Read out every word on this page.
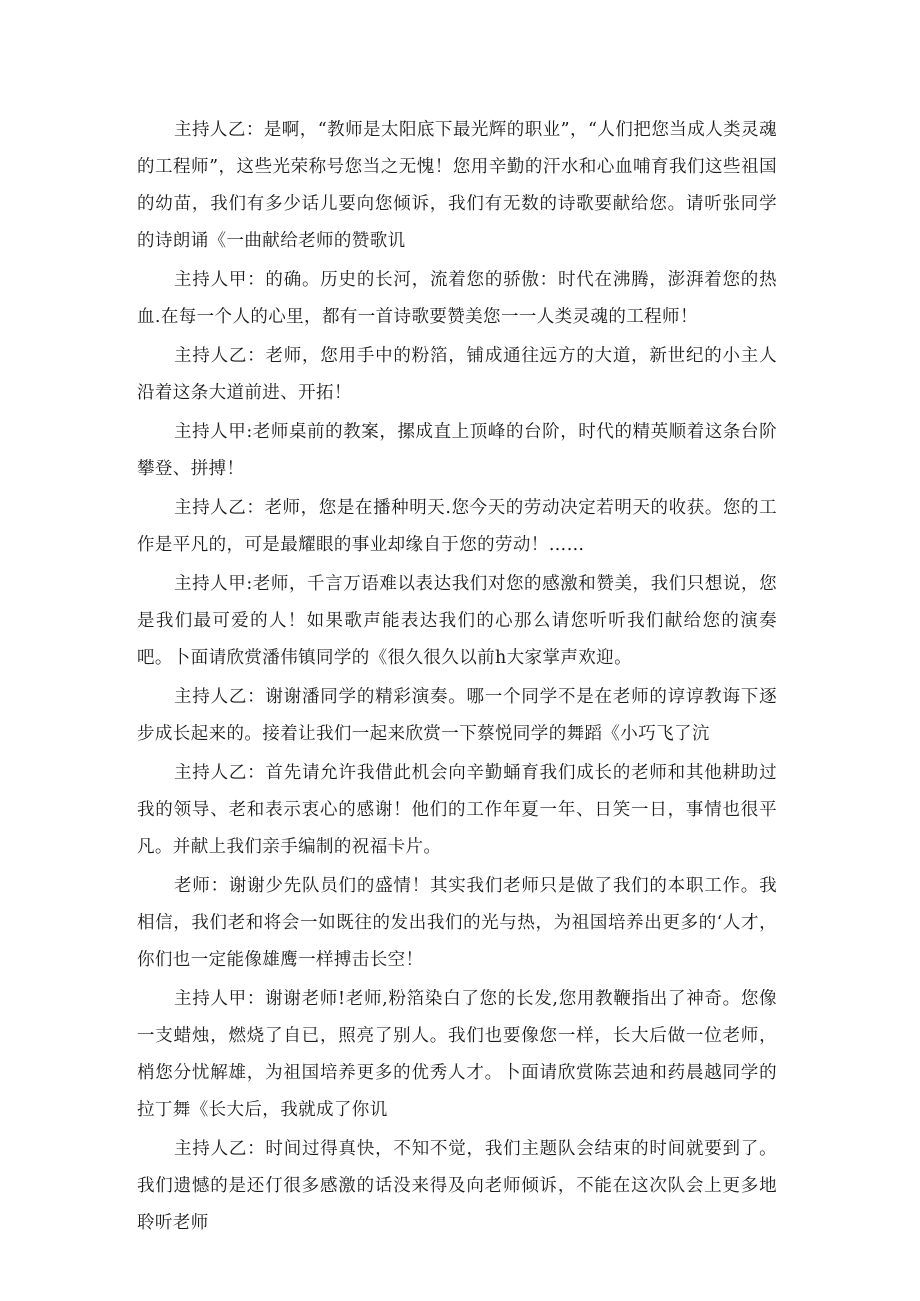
主持人乙：是啊，“教师是太阳底下最光辉的职业”，“人们把您当成人类灵魂的工程师”，这些光荣称号您当之无愧！您用辛勤的汗水和心血哺育我们这些祖国的幼苗，我们有多少话儿要向您倾诉，我们有无数的诗歌要献给您。请听张同学的诗朗诵《一曲献给老师的赞歌讥

主持人甲：的确。历史的长河，流着您的骄傲：时代在沸腾，澎湃着您的热血.在每一个人的心里，都有一首诗歌要赞美您一一人类灵魂的工程师！

主持人乙：老师，您用手中的粉箔，铺成通往远方的大道，新世纪的小主人沿着这条大道前进、开拓！

主持人甲:老师桌前的教案，摞成直上顶峰的台阶，时代的精英顺着这条台阶攀登、拼搏！

主持人乙：老师，您是在播种明天.您今天的劳动决定若明天的收获。您的工作是平凡的，可是最耀眼的事业却缘自于您的劳动！……

主持人甲:老师，千言万语难以表达我们对您的感激和赞美，我们只想说，您是我们最可爱的人！如果歌声能表达我们的心那么请您听听我们献给您的演奏吧。卜面请欣赏潘伟镇同学的《很久很久以前h大家掌声欢迎。

主持人乙：谢谢潘同学的精彩演奏。哪一个同学不是在老师的谆谆教诲下逐步成长起来的。接着让我们一起来欣赏一下蔡悦同学的舞蹈《小巧飞了沆

主持人乙：首先请允许我借此机会向辛勤蛹育我们成长的老师和其他耕助过我的领导、老和表示衷心的感谢！他们的工作年夏一年、日笑一日，事情也很平凡。并献上我们亲手编制的祝福卡片。

老师：谢谢少先队员们的盛情！其实我们老师只是做了我们的本职工作。我相信，我们老和将会一如既往的发出我们的光与热，为祖国培养出更多的‘人才，你们也一定能像雄鹰一样搏击长空！

主持人甲：谢谢老师!老师,粉箔染白了您的长发,您用教鞭指出了神奇。您像一支蜡烛，燃烧了自已，照亮了别人。我们也要像您一样，长大后做一位老师，梢您分忧解雄，为祖国培养更多的优秀人才。卜面请欣赏陈芸迪和药晨越同学的拉丁舞《长大后，我就成了你讥

主持人乙：时间过得真快，不知不觉，我们主题队会结束的时间就要到了。我们遗憾的是还仃很多感激的话没来得及向老师倾诉，不能在这次队会上更多地聆听老师
